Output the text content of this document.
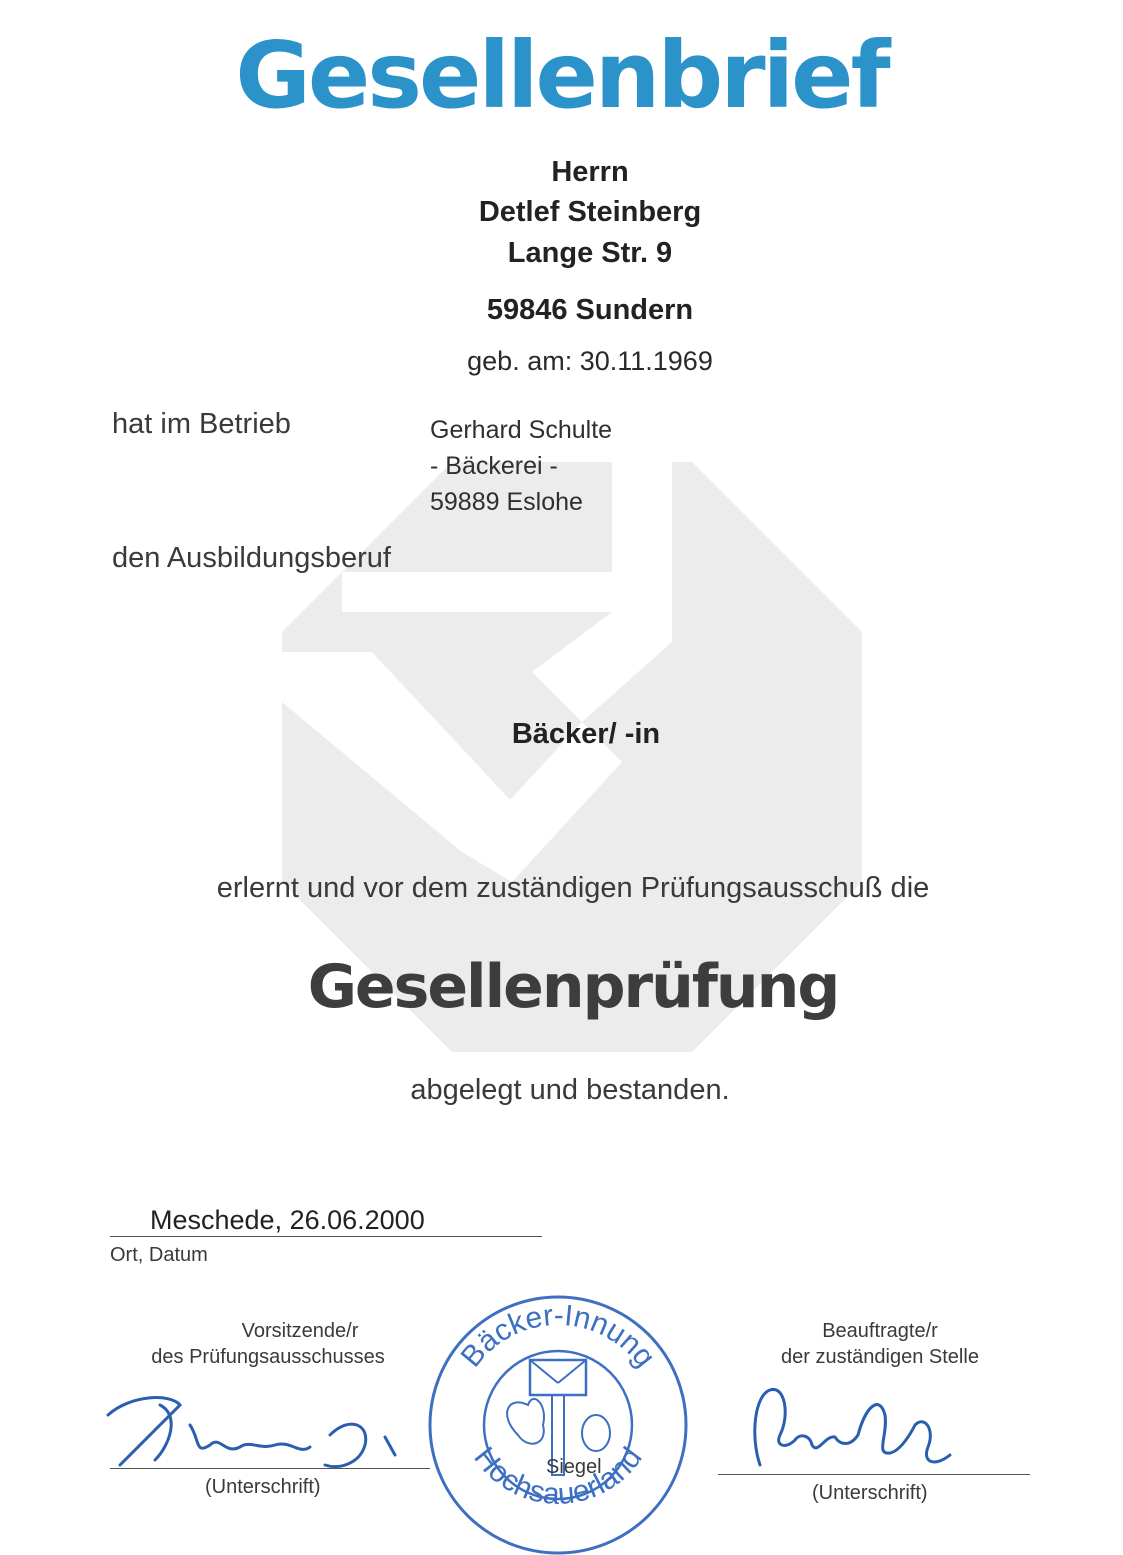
Gesellenbrief
Herrn
Detlef Steinberg
Lange Str. 9
59846 Sundern
geb. am: 30.11.1969
hat im Betrieb	Gerhard Schulte
- Bäckerei -
59889 Eslohe
den Ausbildungsberuf
Bäcker/ -in
erlernt und vor dem zuständigen Prüfungsausschuß die
Gesellenprüfung
abgelegt und bestanden.
Meschede, 26.06.2000
Ort, Datum
Vorsitzende/r
des Prüfungsausschusses
(Unterschrift)
Bäcker-Innung
Hochsauerland
Siegel
Beauftragte/r
der zuständigen Stelle
(Unterschrift)
